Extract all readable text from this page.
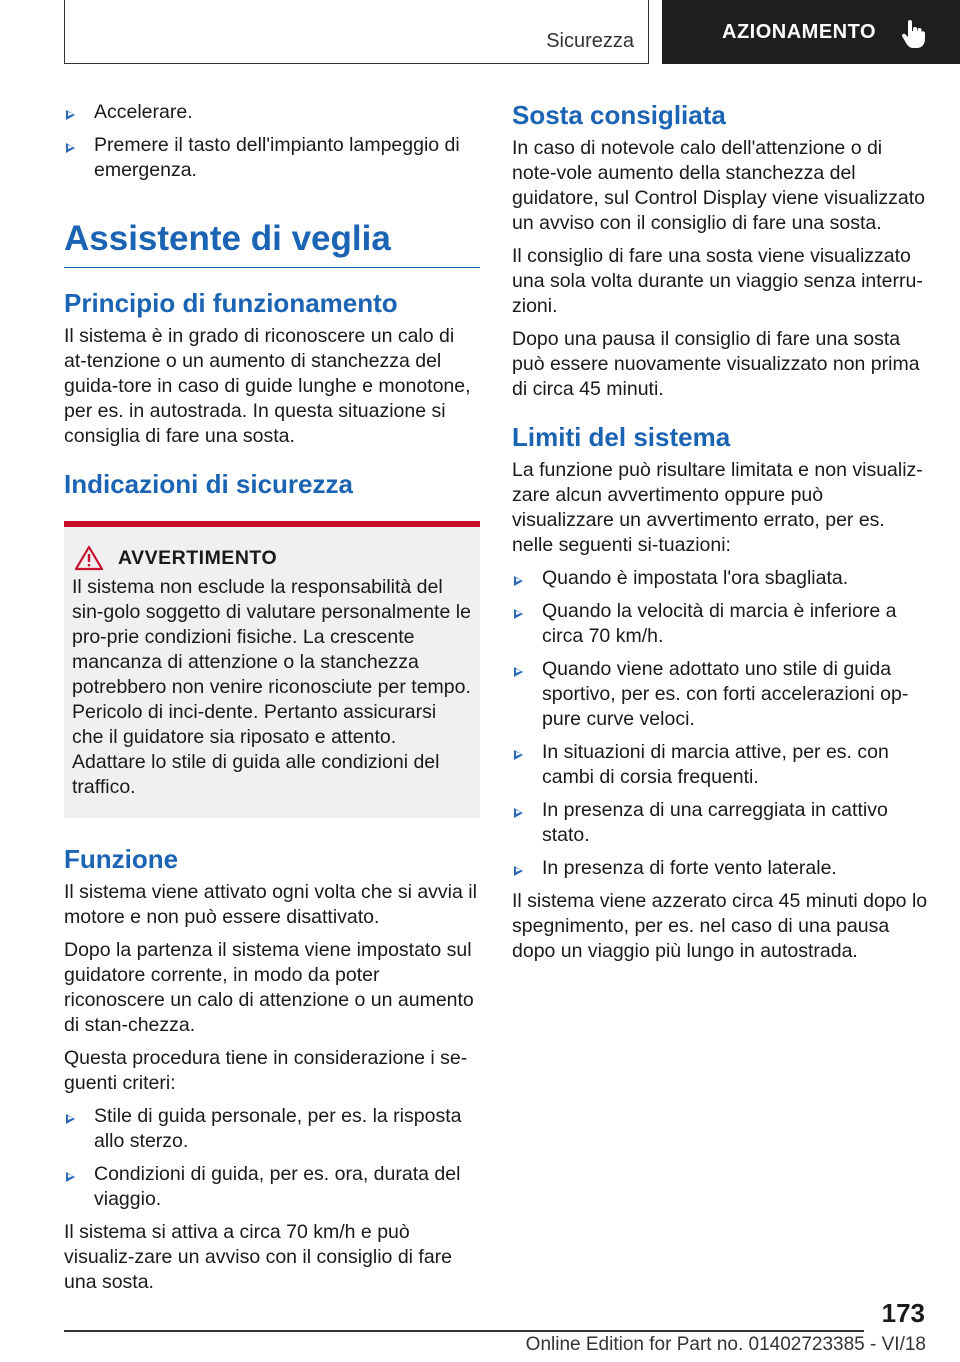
Sicurezza	AZIONAMENTO
Accelerare.
Premere il tasto dell'impianto lampeggio di emergenza.
Assistente di veglia
Principio di funzionamento

Il sistema è in grado di riconoscere un calo di at-tenzione o un aumento di stanchezza del guida-tore in caso di guide lunghe e monotone, per es. in autostrada. In questa situazione si consiglia di fare una sosta.

Indicazioni di sicurezza
AVVERTIMENTO

Il sistema non esclude la responsabilità del sin-golo soggetto di valutare personalmente le pro-prie condizioni fisiche. La crescente mancanza di attenzione o la stanchezza potrebbero non venire riconosciute per tempo. Pericolo di inci-dente. Pertanto assicurarsi che il guidatore sia riposato e attento. Adattare lo stile di guida alle condizioni del traffico.

Funzione

Il sistema viene attivato ogni volta che si avvia il motore e non può essere disattivato.

Dopo la partenza il sistema viene impostato sul guidatore corrente, in modo da poter riconoscere un calo di attenzione o un aumento di stan-chezza.

Questa procedura tiene in considerazione i se-guenti criteri:

Stile di guida personale, per es. la risposta allo sterzo.
Condizioni di guida, per es. ora, durata del viaggio.

Il sistema si attiva a circa 70 km/h e può visualiz-zare un avviso con il consiglio di fare una sosta.

Sosta consigliata

In caso di notevole calo dell'attenzione o di note-vole aumento della stanchezza del guidatore, sul Control Display viene visualizzato un avviso con il consiglio di fare una sosta.

Il consiglio di fare una sosta viene visualizzato una sola volta durante un viaggio senza interru-zioni.

Dopo una pausa il consiglio di fare una sosta può essere nuovamente visualizzato non prima di circa 45 minuti.

Limiti del sistema

La funzione può risultare limitata e non visualiz-zare alcun avvertimento oppure può visualizzare un avvertimento errato, per es. nelle seguenti si-tuazioni:

Quando è impostata l'ora sbagliata.
Quando la velocità di marcia è inferiore a circa 70 km/h.
Quando viene adottato uno stile di guida sportivo, per es. con forti accelerazioni op-pure curve veloci.
In situazioni di marcia attive, per es. con cambi di corsia frequenti.
In presenza di una carreggiata in cattivo stato.
In presenza di forte vento laterale.

Il sistema viene azzerato circa 45 minuti dopo lo spegnimento, per es. nel caso di una pausa dopo un viaggio più lungo in autostrada.

173
Online Edition for Part no. 01402723385 - VI/18
